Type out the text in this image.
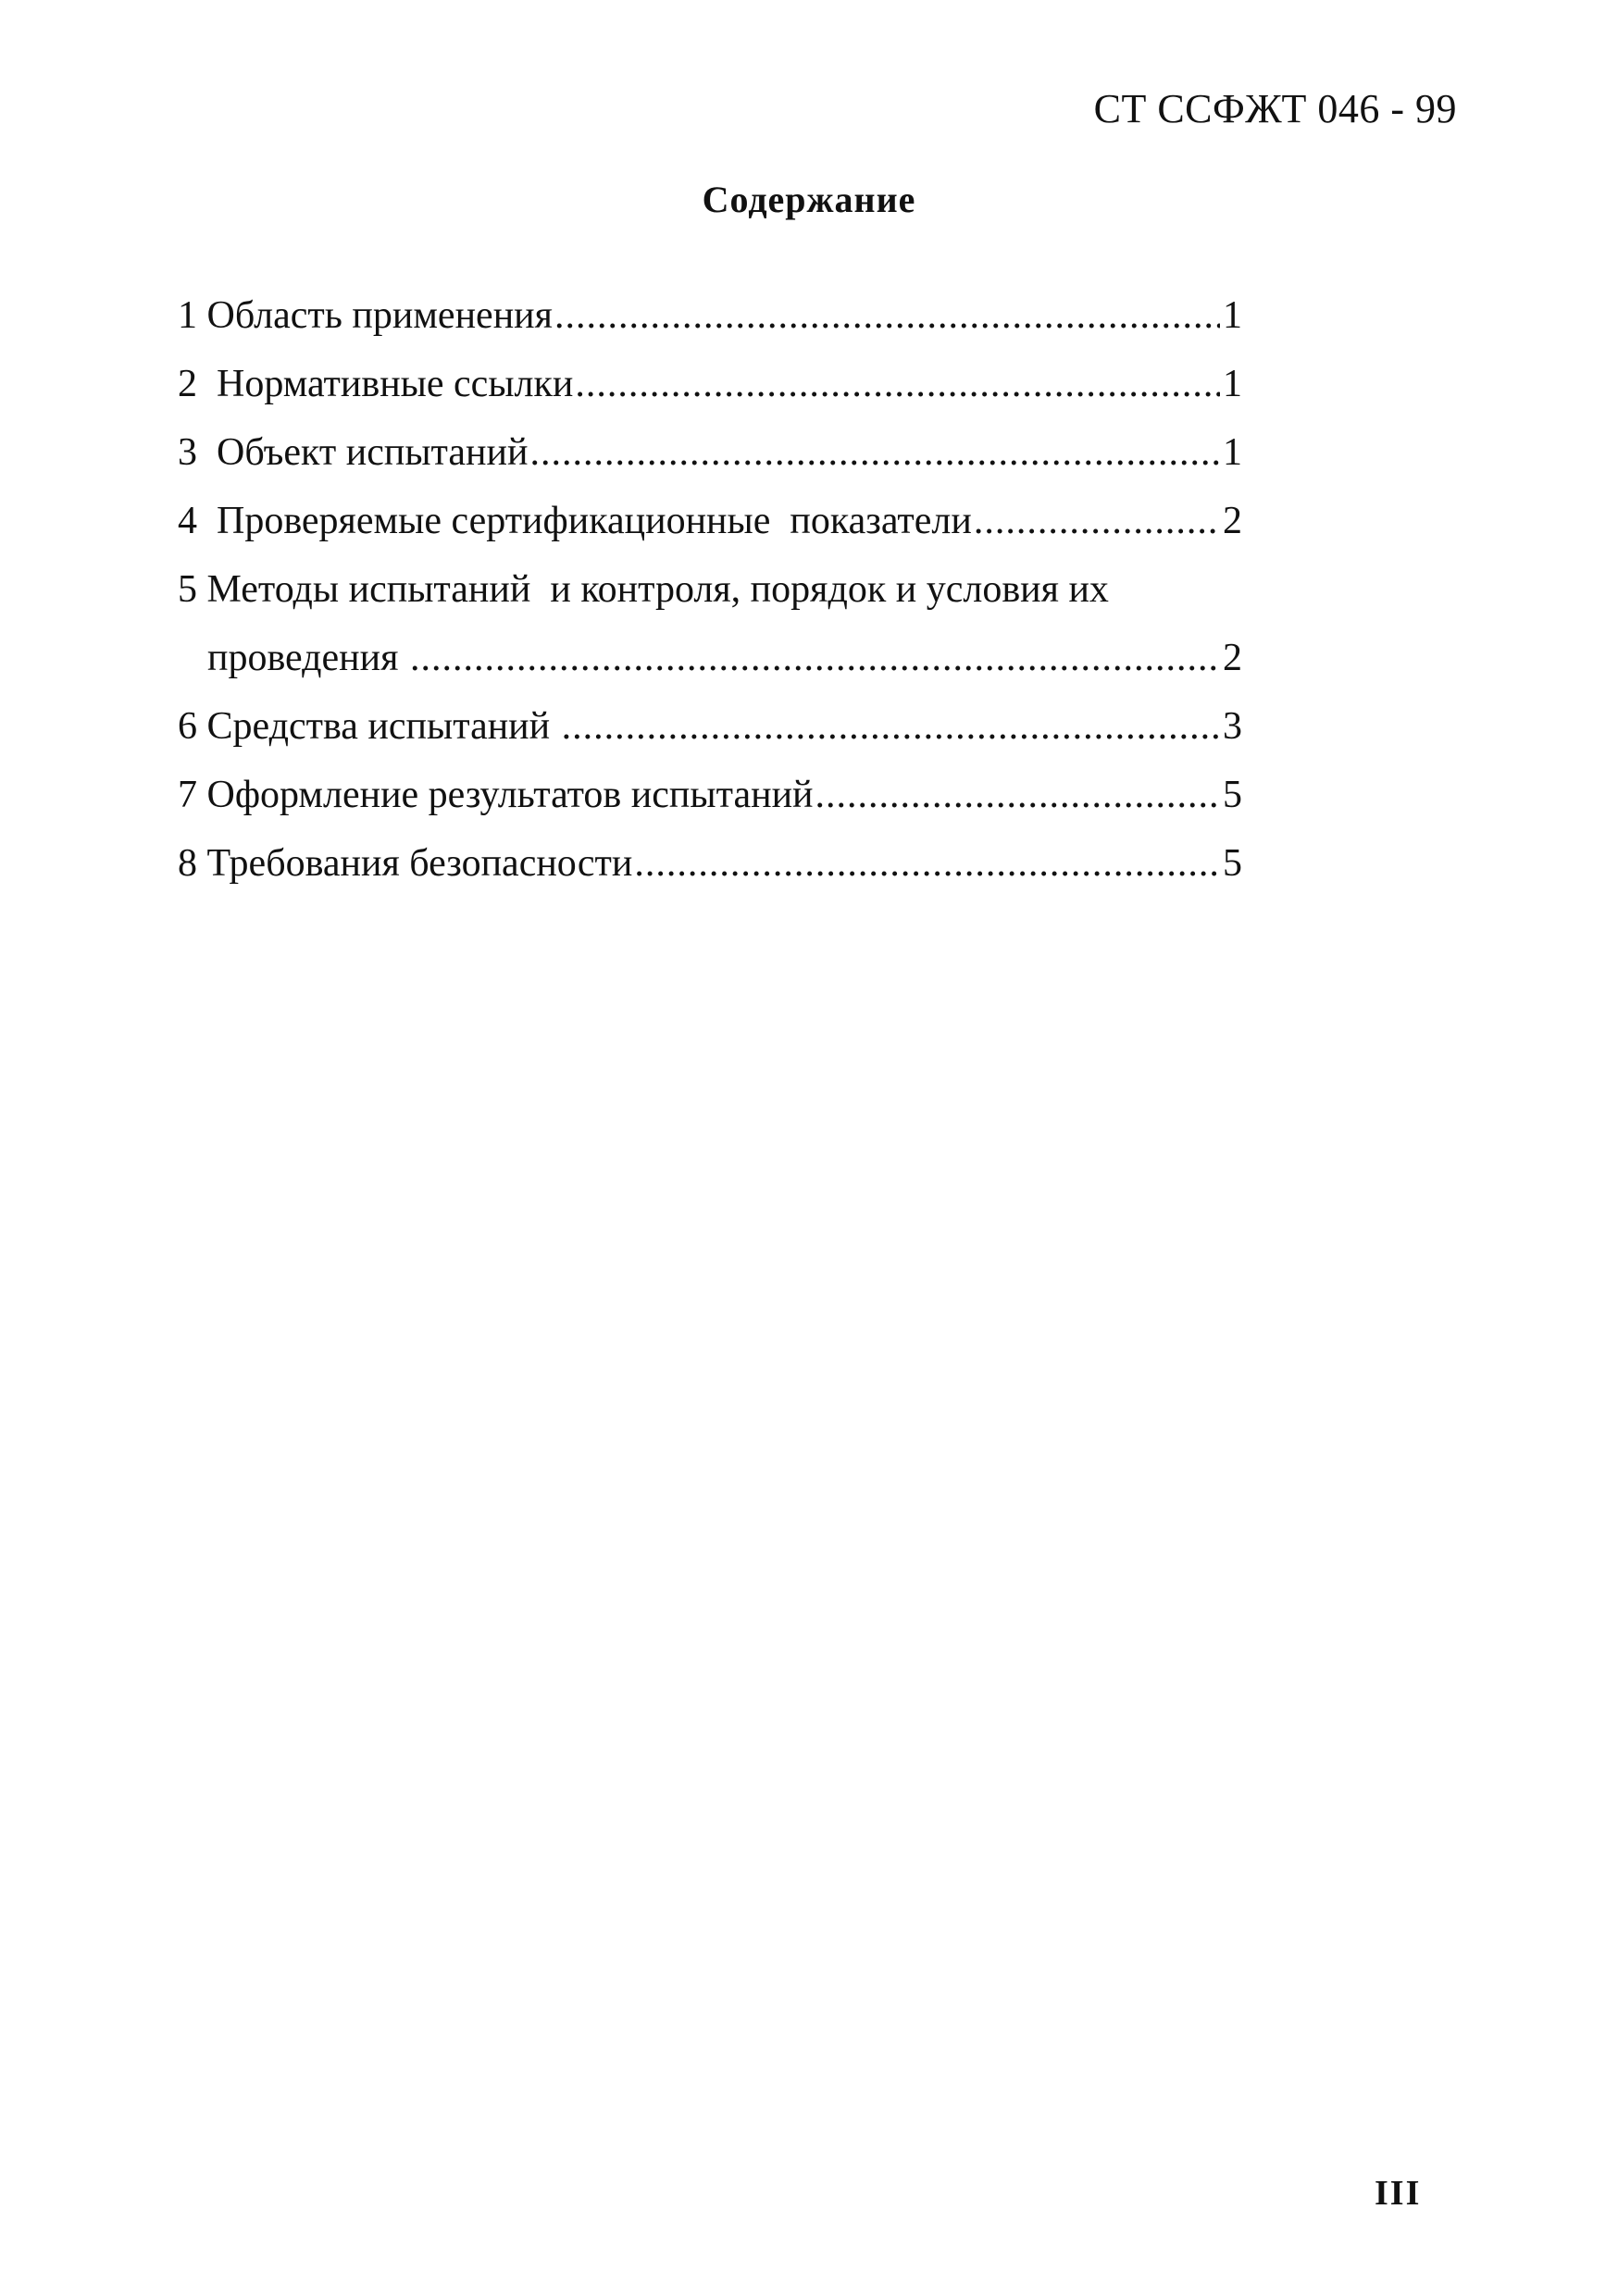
СТ ССФЖТ 046 - 99
Содержание
1 Область применения .....	1
2  Нормативные ссылки .....	1
3  Объект испытаний .....	1
4  Проверяемые сертификационные  показатели .....	2
5 Методы испытаний  и контроля, порядок и условия их
проведения .....	2
6 Средства испытаний .....	3
7 Оформление результатов испытаний .....	5
8 Требования безопасности .....	5
III
